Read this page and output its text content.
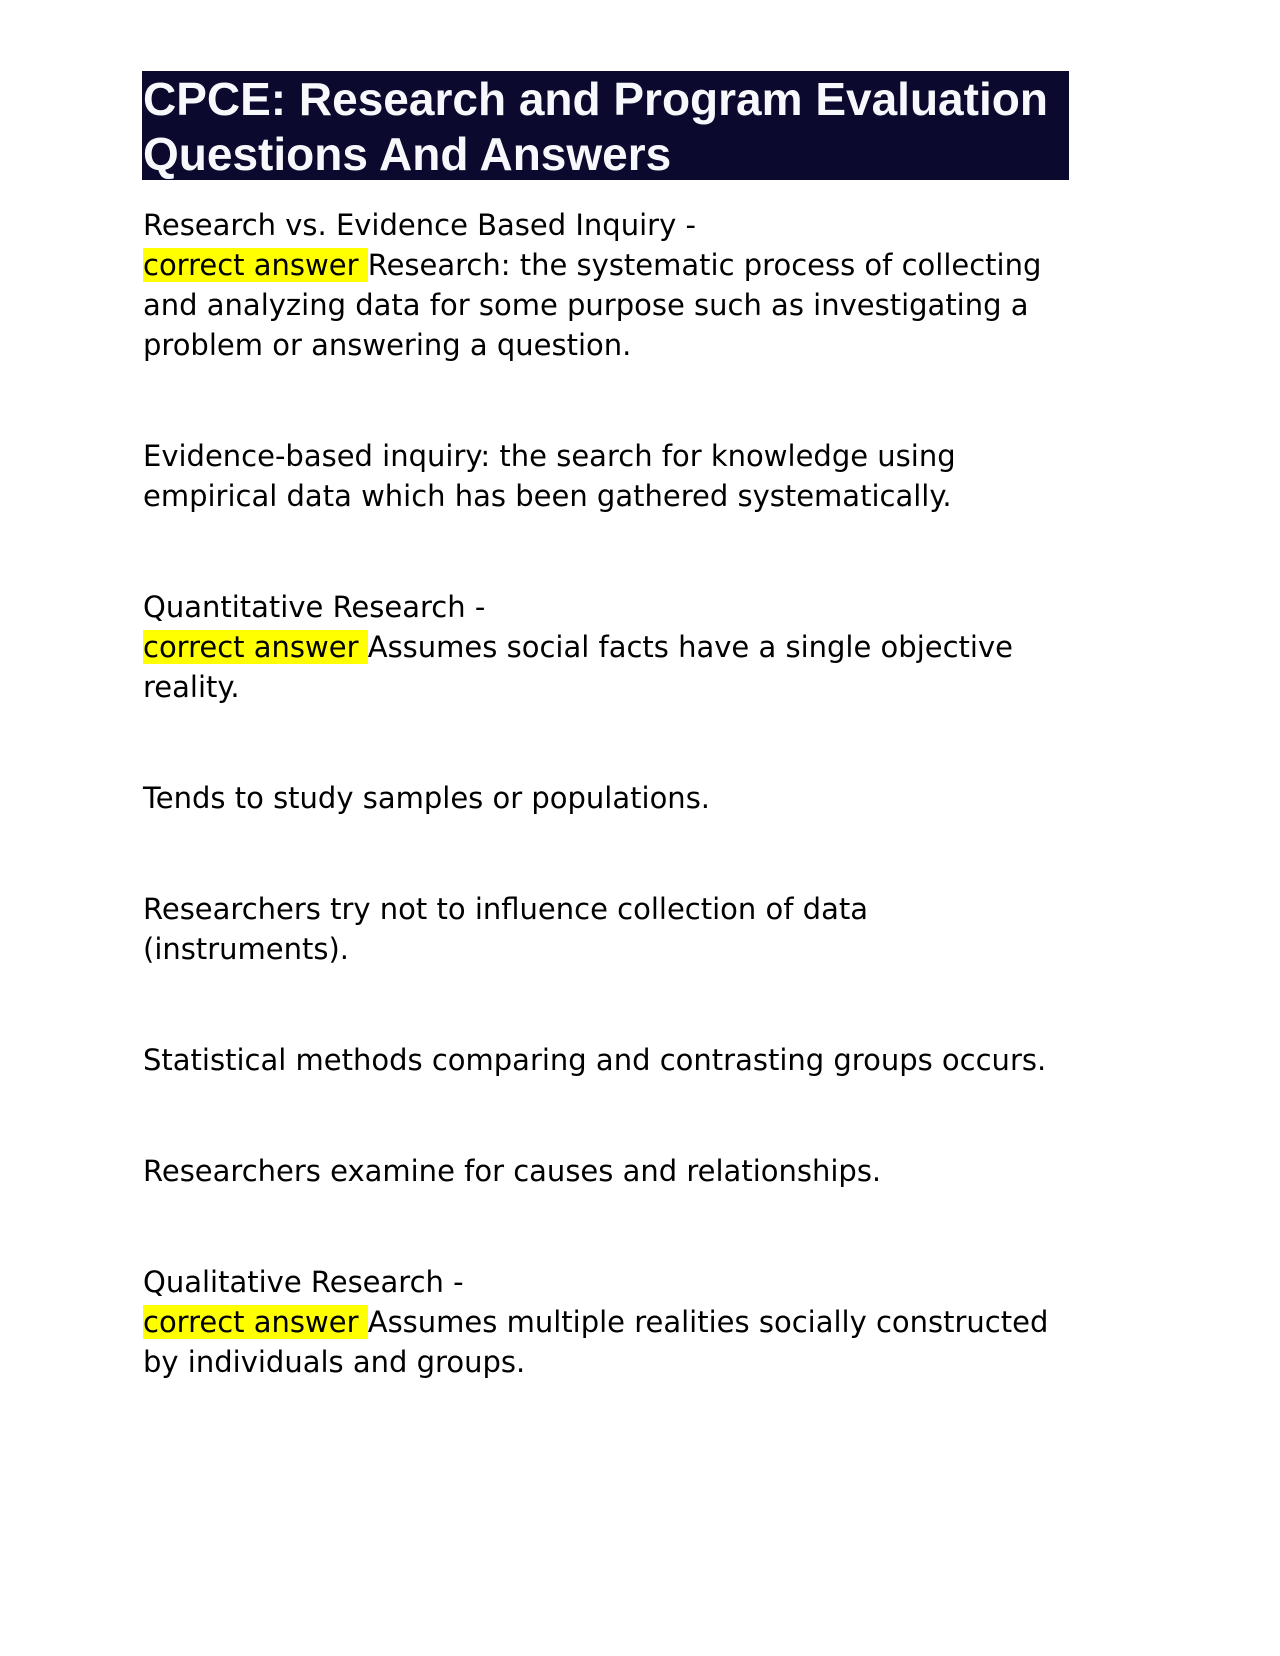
CPCE: Research and Program Evaluation Questions And Answers

Research vs. Evidence Based Inquiry -
correct answer Research: the systematic process of collecting and analyzing data for some purpose such as investigating a problem or answering a question.

Evidence-based inquiry: the search for knowledge using empirical data which has been gathered systematically.

Quantitative Research -
correct answer Assumes social facts have a single objective reality.

Tends to study samples or populations.

Researchers try not to influence collection of data (instruments).

Statistical methods comparing and contrasting groups occurs.

Researchers examine for causes and relationships.

Qualitative Research -
correct answer Assumes multiple realities socially constructed by individuals and groups.
